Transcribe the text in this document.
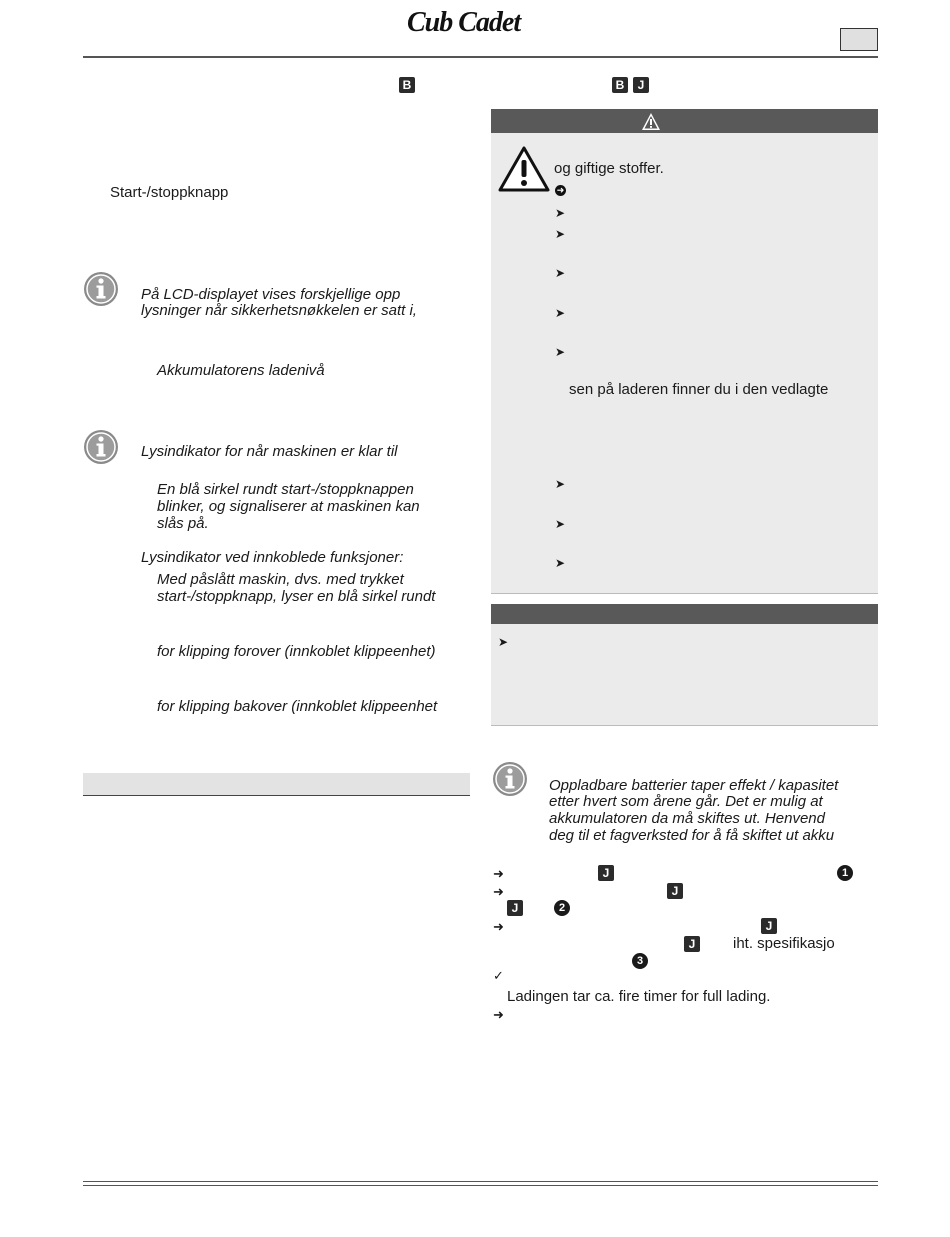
Cub Cadet
B
Start-/stoppknapp
På LCD-displayet vises forskjellige opp
lysninger når sikkerhetsnøkkelen er satt i,
Akkumulatorens ladenivå
Lysindikator for når maskinen er klar til
En blå sirkel rundt start-/stoppknappen
blinker, og signaliserer at maskinen kan
slås på.
Lysindikator ved innkoblede funksjoner:
Med påslått maskin, dvs. med trykket
start-/stoppknapp, lyser en blå sirkel rundt
for klipping forover (innkoblet klippeenhet)
for klipping bakover (innkoblet klippeenhet
B	J
og giftige stoffer.
➜
➤
➤
➤
➤
➤
sen på laderen finner du i den vedlagte
➤
➤
➤
➤
Oppladbare batterier taper effekt / kapasitet
etter hvert som årene går. Det er mulig at
akkumulatoren da må skiftes ut. Henvend
deg til et fagverksted for å få skiftet ut akku
➜	J	1
➜	J
J	2
➜	J
J	iht. spesifikasjo
3
✓
Ladingen tar ca. fire timer for full lading.
➜
